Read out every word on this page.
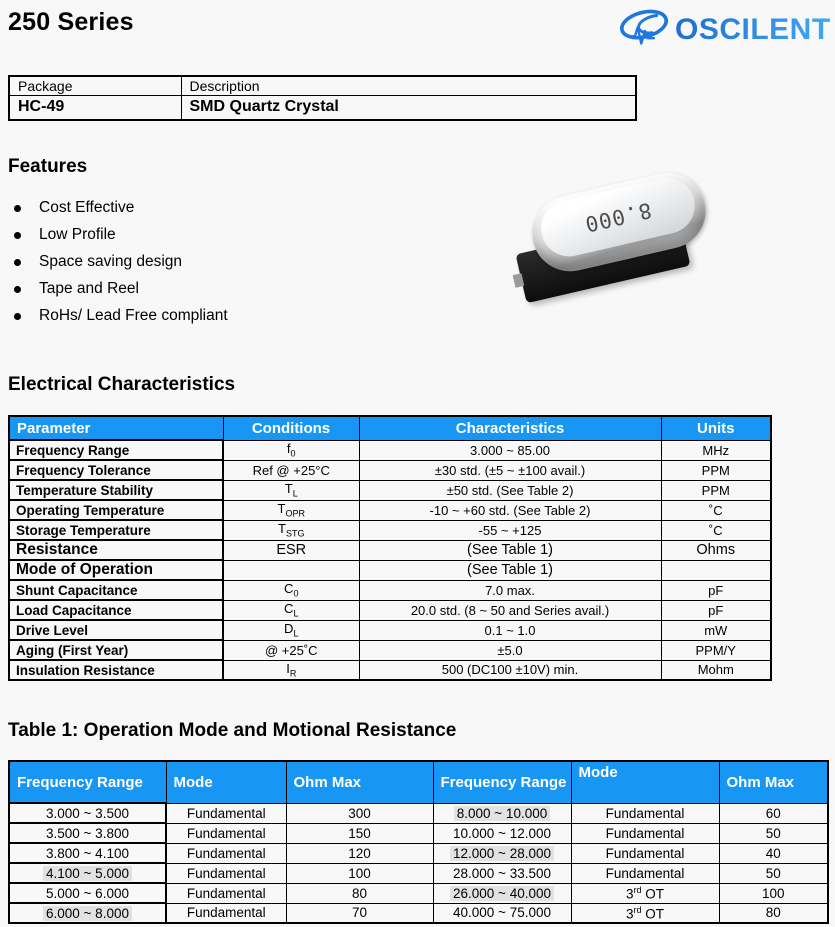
250 Series	OSCILENT
Package	Description
HC-49	SMD Quartz Crystal
Features
Cost Effective
Low Profile
Space saving design
Tape and Reel
RoHs/ Lead Free compliant
8.000
Electrical Characteristics
Parameter	Conditions	Characteristics	Units
Frequency Range	$f_0$	3.000 ~ 85.00	MHz
Frequency Tolerance	Ref @ +25°C	±30 std. (±5 ~ ±100 avail.)	PPM
Temperature Stability	$T_L$	±50 std. (See Table 2)	PPM
Operating Temperature	$T_{OPR}$	-10 ~ +60 std. (See Table 2)	˚C
Storage Temperature	$T_{STG}$	-55 ~ +125	˚C
Resistance	ESR	(See Table 1)	Ohms
Mode of Operation		(See Table 1)	
Shunt Capacitance	$C_0$	7.0 max.	pF
Load Capacitance	$C_L$	20.0 std. (8 ~ 50 and Series avail.)	pF
Drive Level	$D_L$	0.1 ~ 1.0	mW
Aging (First Year)	@ +25˚C	±5.0	PPM/Y
Insulation Resistance	$I_R$	500 (DC100 ±10V) min.	Mohm
Table 1: Operation Mode and Motional Resistance
Frequency Range	Mode	Ohm Max	Frequency Range	Mode	Ohm Max
3.000 ~ 3.500	Fundamental	300	8.000 ~ 10.000	Fundamental	60
3.500 ~ 3.800	Fundamental	150	10.000 ~ 12.000	Fundamental	50
3.800 ~ 4.100	Fundamental	120	12.000 ~ 28.000	Fundamental	40
4.100 ~ 5.000	Fundamental	100	28.000 ~ 33.500	Fundamental	50
5.000 ~ 6.000	Fundamental	80	26.000 ~ 40.000	3rd OT	100
6.000 ~ 8.000	Fundamental	70	40.000 ~ 75.000	3rd OT	80
